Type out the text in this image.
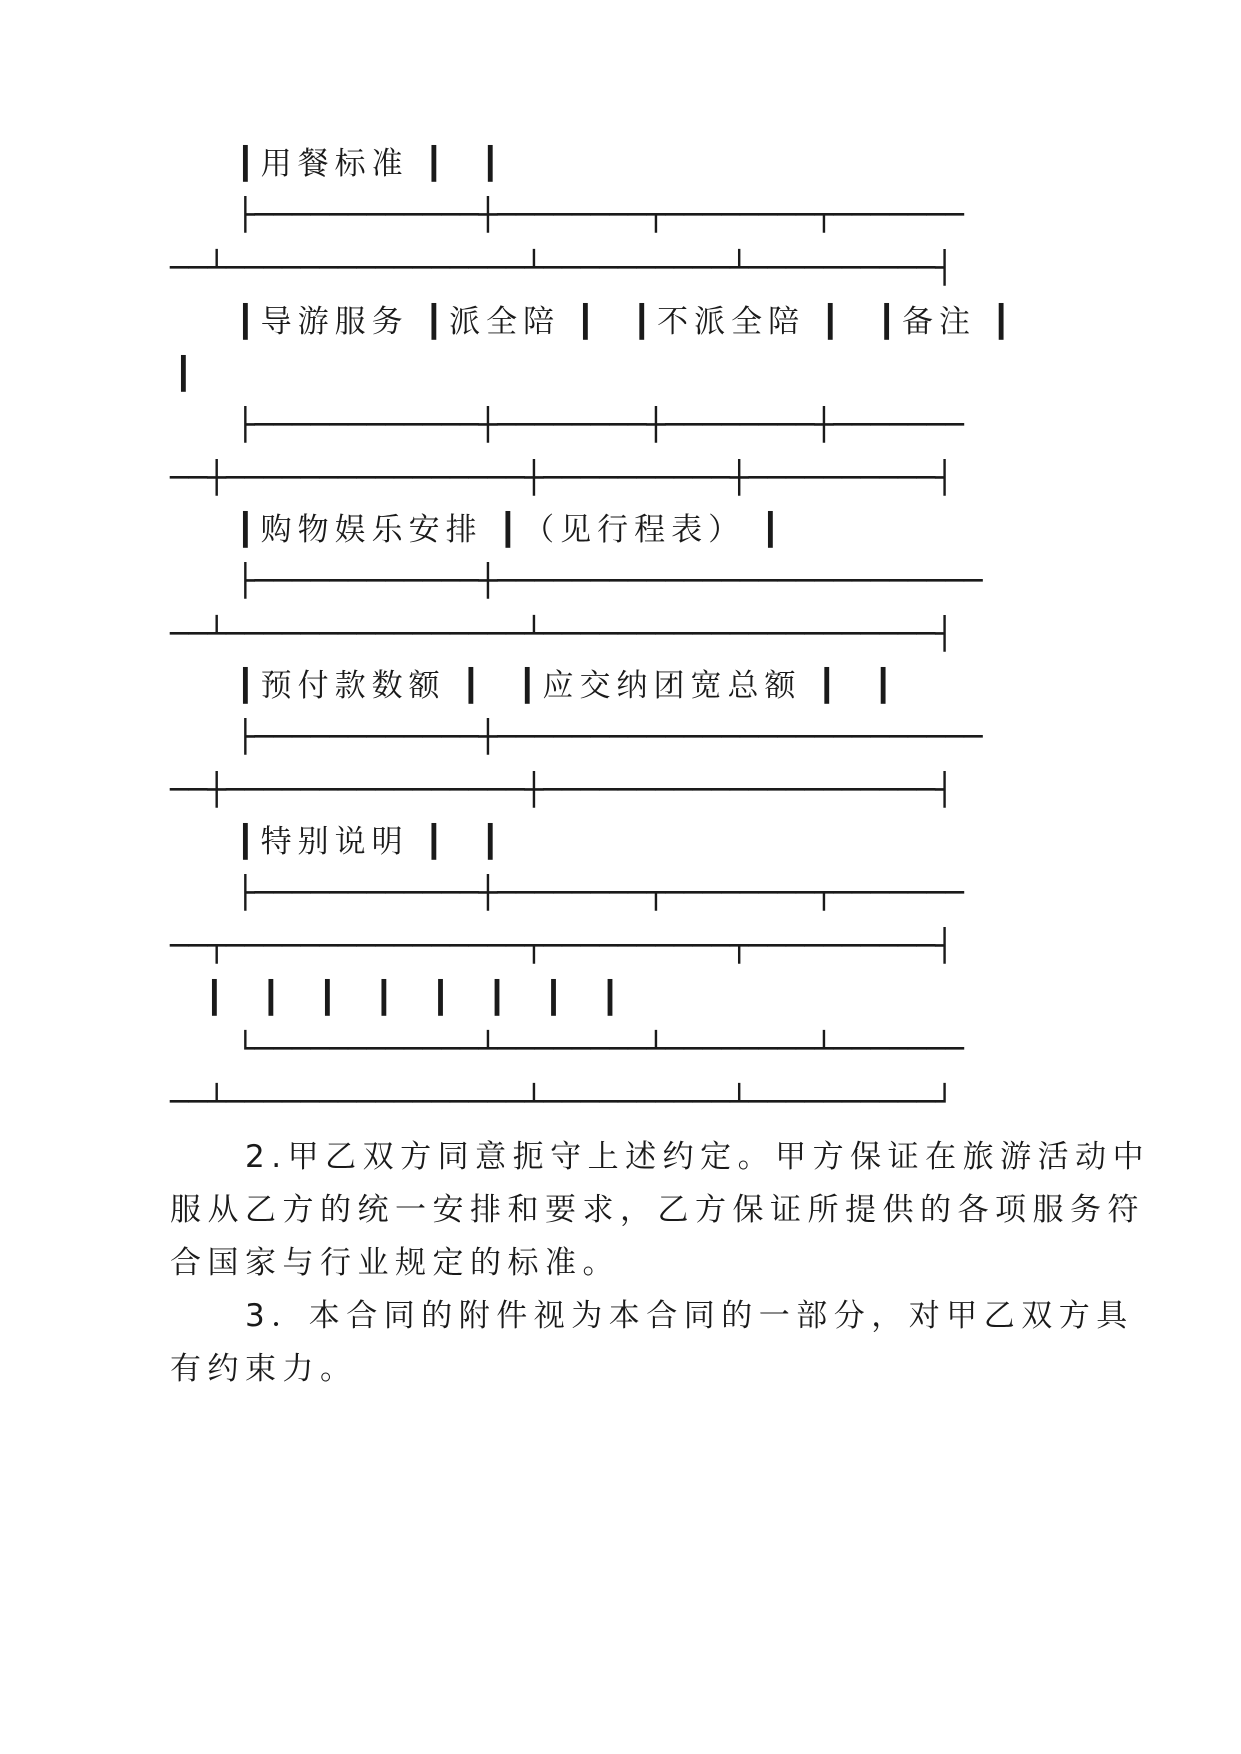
┃用餐标准 ┃  ┃
├────────────┼────────┬────────┬───────
──┴────────────────┴──────────┴──────────┤
┃导游服务 ┃派全陪 ┃  ┃不派全陪 ┃  ┃备注 ┃
┃
├────────────┼────────┼────────┼───────
──┼────────────────┼──────────┼──────────┤
┃购物娱乐安排 ┃（见行程表） ┃
├────────────┼──────────────────────────
──┴────────────────┴─────────────────────┤
┃预付款数额 ┃  ┃应交纳团宽总额 ┃  ┃
├────────────┼──────────────────────────
──┼────────────────┼─────────────────────┤
┃特别说明 ┃  ┃
├────────────┼────────┬────────┬───────
──┬────────────────┬──────────┬──────────┤
┃ ┃ ┃ ┃ ┃ ┃ ┃ ┃
└────────────┴────────┴────────┴───────
──┴────────────────┴──────────┴──────────┘
　　2.甲乙双方同意扼守上述约定。甲方保证在旅游活动中
服从乙方的统一安排和要求，乙方保证所提供的各项服务符
合国家与行业规定的标准。
　　3．本合同的附件视为本合同的一部分，对甲乙双方具
有约束力。
